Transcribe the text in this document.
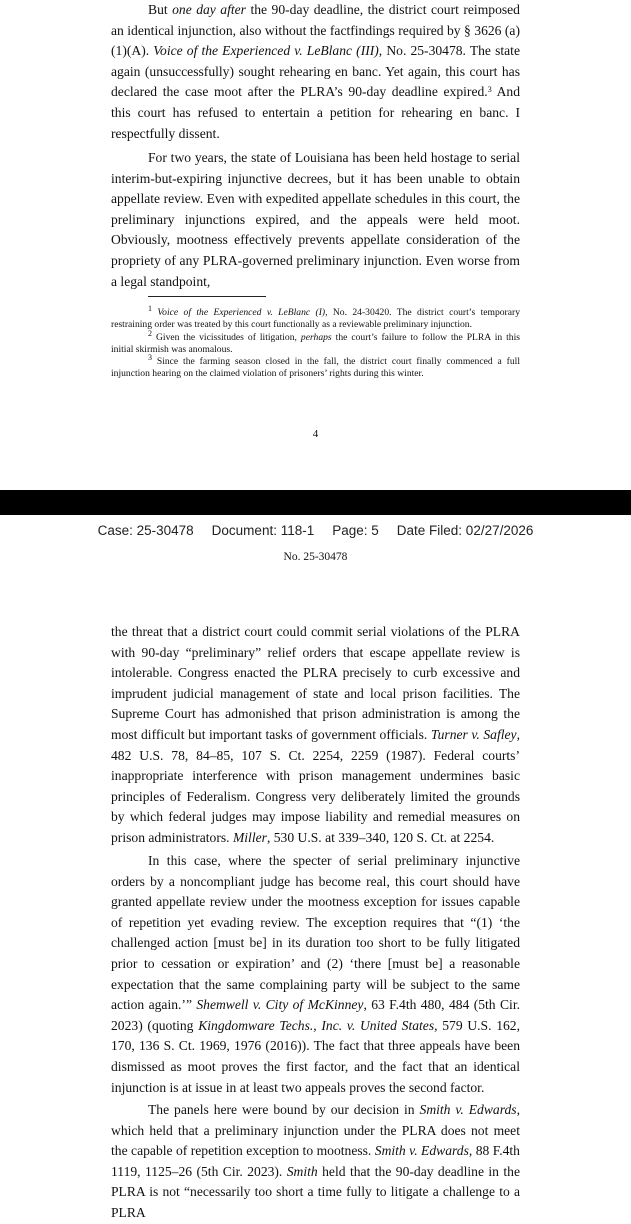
But one day after the 90-day deadline, the district court reimposed an identical injunction, also without the factfindings required by § 3626 (a)(1)(A). Voice of the Experienced v. LeBlanc (III), No. 25-30478. The state again (unsuccessfully) sought rehearing en banc. Yet again, this court has declared the case moot after the PLRA’s 90-day deadline expired.$^3$ And this court has refused to entertain a petition for rehearing en banc. I respectfully dissent.

For two years, the state of Louisiana has been held hostage to serial interim-but-expiring injunctive decrees, but it has been unable to obtain appellate review. Even with expedited appellate schedules in this court, the preliminary injunctions expired, and the appeals were held moot. Obviously, mootness effectively prevents appellate consideration of the propriety of any PLRA-governed preliminary injunction. Even worse from a legal standpoint,

$^1$ Voice of the Experienced v. LeBlanc (I), No. 24-30420. The district court’s temporary restraining order was treated by this court functionally as a reviewable preliminary injunction.

$^2$ Given the vicissitudes of litigation, perhaps the court’s failure to follow the PLRA in this initial skirmish was anomalous.

$^3$ Since the farming season closed in the fall, the district court finally commenced a full injunction hearing on the claimed violation of prisoners’ rights during this winter.

4
Case: 25-30478 Document: 118-1 Page: 5 Date Filed: 02/27/2026
No. 25-30478

the threat that a district court could commit serial violations of the PLRA with 90-day “preliminary” relief orders that escape appellate review is intolerable. Congress enacted the PLRA precisely to curb excessive and imprudent judicial management of state and local prison facilities. The Supreme Court has admonished that prison administration is among the most difficult but important tasks of government officials. Turner v. Safley, 482 U.S. 78, 84–85, 107 S. Ct. 2254, 2259 (1987). Federal courts’ inappropriate interference with prison management undermines basic principles of Federalism. Congress very deliberately limited the grounds by which federal judges may impose liability and remedial measures on prison administrators. Miller, 530 U.S. at 339–340, 120 S. Ct. at 2254.

In this case, where the specter of serial preliminary injunctive orders by a noncompliant judge has become real, this court should have granted appellate review under the mootness exception for issues capable of repetition yet evading review. The exception requires that “(1) ‘the challenged action [must be] in its duration too short to be fully litigated prior to cessation or expiration’ and (2) ‘there [must be] a reasonable expectation that the same complaining party will be subject to the same action again.’” Shemwell v. City of McKinney, 63 F.4th 480, 484 (5th Cir. 2023) (quoting Kingdomware Techs., Inc. v. United States, 579 U.S. 162, 170, 136 S. Ct. 1969, 1976 (2016)). The fact that three appeals have been dismissed as moot proves the first factor, and the fact that an identical injunction is at issue in at least two appeals proves the second factor.

The panels here were bound by our decision in Smith v. Edwards, which held that a preliminary injunction under the PLRA does not meet the capable of repetition exception to mootness. Smith v. Edwards, 88 F.4th 1119, 1125–26 (5th Cir. 2023). Smith held that the 90-day deadline in the PLRA is not “necessarily too short a time fully to litigate a challenge to a PLRA
